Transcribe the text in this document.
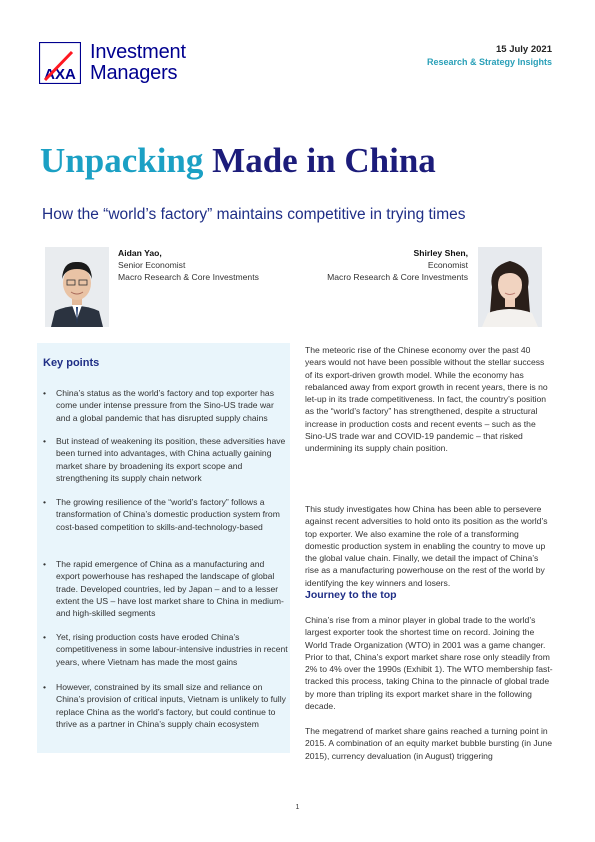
AXA
Investment
Managers
15 July 2021
Research & Strategy Insights
Unpacking Made in China
How the “world’s factory” maintains competitive in trying times
Aidan Yao,
Senior Economist
Macro Research & Core Investments
Shirley Shen,
Economist
Macro Research & Core Investments
Key points
• China’s status as the world’s factory and top exporter has come under intense pressure from the Sino-US trade war and a global pandemic that has disrupted supply chains
• But instead of weakening its position, these adversities have been turned into advantages, with China actually gaining market share by broadening its export scope and strengthening its supply chain network
• The growing resilience of the “world’s factory” follows a transformation of China’s domestic production system from cost-based competition to skills-and-technology-based
• The rapid emergence of China as a manufacturing and export powerhouse has reshaped the landscape of global trade. Developed countries, led by Japan – and to a lesser extent the US – have lost market share to China in medium-and high-skilled segments
• Yet, rising production costs have eroded China’s competitiveness in some labour-intensive industries in recent years, where Vietnam has made the most gains
• However, constrained by its small size and reliance on China’s provision of critical inputs, Vietnam is unlikely to fully replace China as the world’s factory, but could continue to thrive as a partner in China’s supply chain ecosystem
The meteoric rise of the Chinese economy over the past 40 years would not have been possible without the stellar success of its export-driven growth model. While the economy has rebalanced away from export growth in recent years, there is no let-up in its trade competitiveness. In fact, the country’s position as the “world’s factory” has strengthened, despite a structural increase in production costs and recent events – such as the Sino-US trade war and COVID-19 pandemic – that risked undermining its supply chain position.
This study investigates how China has been able to persevere against recent adversities to hold onto its position as the world’s top exporter. We also examine the role of a transforming domestic production system in enabling the country to move up the global value chain. Finally, we detail the impact of China’s rise as a manufacturing powerhouse on the rest of the world by identifying the key winners and losers.
Journey to the top
China’s rise from a minor player in global trade to the world’s largest exporter took the shortest time on record. Joining the World Trade Organization (WTO) in 2001 was a game changer. Prior to that, China’s export market share rose only steadily from 2% to 4% over the 1990s (Exhibit 1). The WTO membership fast-tracked this process, taking China to the pinnacle of global trade by more than tripling its export market share in the following decade.
The megatrend of market share gains reached a turning point in 2015. A combination of an equity market bubble bursting (in June 2015), currency devaluation (in August) triggering
1
